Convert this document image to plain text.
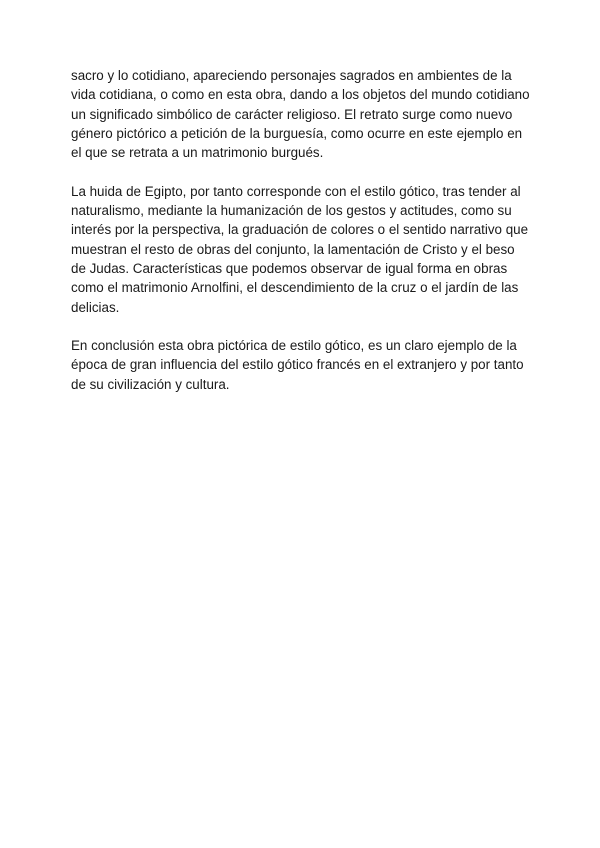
sacro y lo cotidiano, apareciendo personajes sagrados en ambientes de la
vida cotidiana, o como en esta obra, dando a los objetos del mundo cotidiano
un significado simbólico de carácter religioso. El retrato surge como nuevo
género pictórico a petición de la burguesía, como ocurre en este ejemplo en
el que se retrata a un matrimonio burgués.

La huida de Egipto, por tanto corresponde con el estilo gótico, tras tender al
naturalismo, mediante la humanización de los gestos y actitudes, como su
interés por la perspectiva, la graduación de colores o el sentido narrativo que
muestran el resto de obras del conjunto, la lamentación de Cristo y el beso
de Judas. Características que podemos observar de igual forma en obras
como el matrimonio Arnolfini, el descendimiento de la cruz o el jardín de las
delicias.

En conclusión esta obra pictórica de estilo gótico, es un claro ejemplo de la
época de gran influencia del estilo gótico francés en el extranjero y por tanto
de su civilización y cultura.
